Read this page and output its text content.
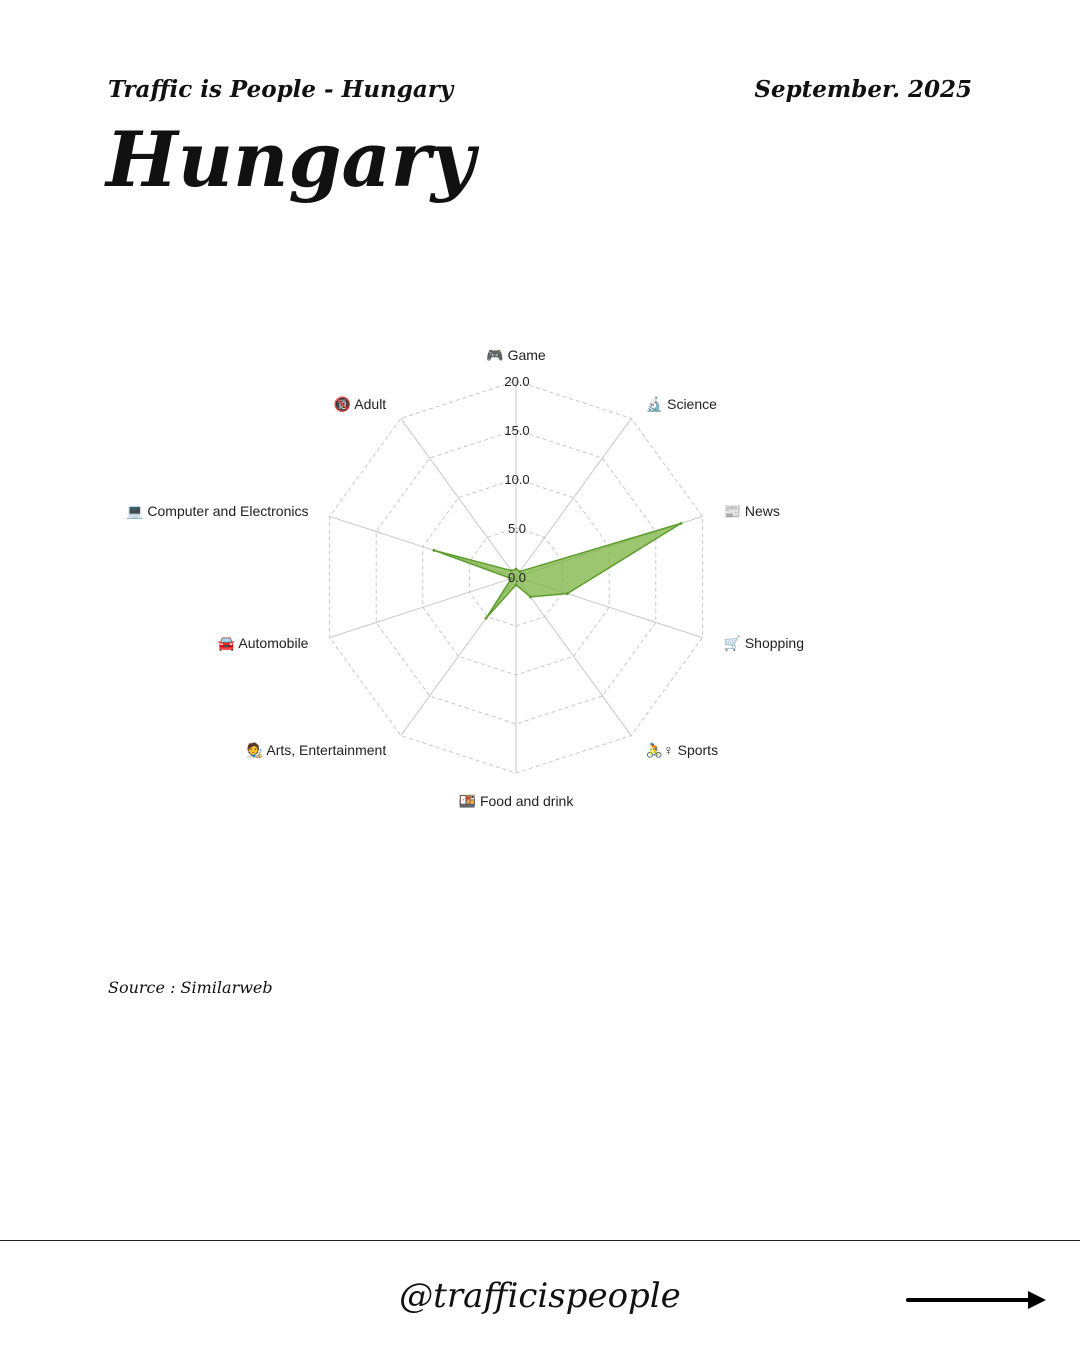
Traffic is People - Hungary	September. 2025
Hungary
0.0
5.0
10.0
15.0
20.0
🎮 Game
🔬 Science
📰 News
🛒 Shopping
🚴♀ Sports
🍱 Food and drink
🧑‍🎨 Arts, Entertainment
🚘 Automobile
💻 Computer and Electronics
🔞 Adult
Source : Similarweb
@trafficispeople
